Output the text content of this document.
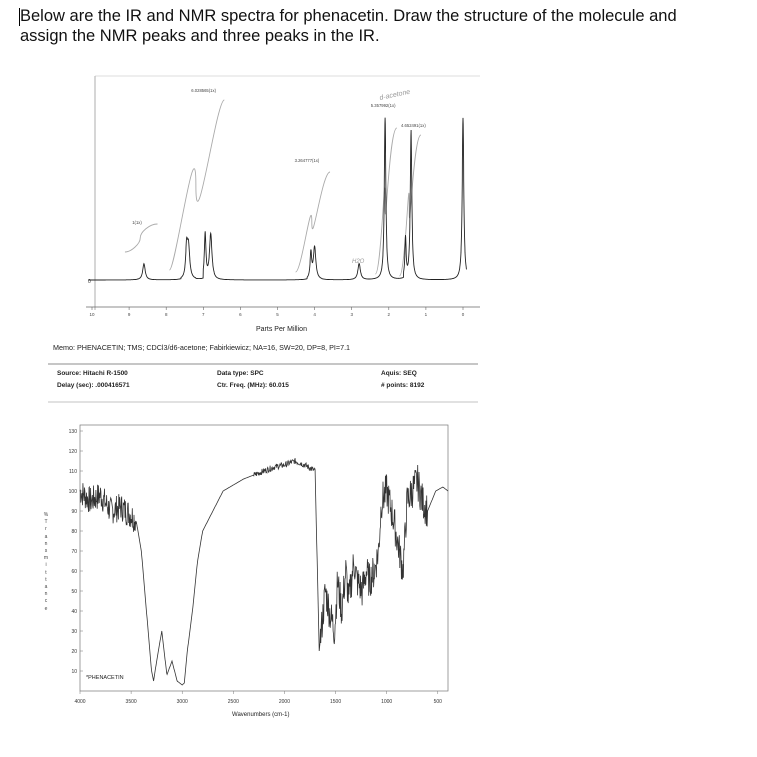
Below are the IR and NMR spectra for phenacetin. Draw the structure of the molecule and
assign the NMR peaks and three peaks in the IR.
10	9	8	7	6	5	4	3	2	1	0
0
1(1x)
6.028565(1x)
3.264777(1x)
5.357992(1x)
4.652491(1x)
d-acetone
H2O
130
120
110
100
90
80
70
60
50
40
30
20
10
4000	3500	3000	2500	2000	1500	1000	500
Parts Per Million
Memo: PHENACETIN; TMS; CDCl3/d6-acetone; Fabirkiewicz; NA=16, SW=20, DP=8, PI=7.1
Source: Hitachi R-1500
Delay (sec): .000416571
Data type: SPC
Ctr. Freq. (MHz): 60.015
Aquis: SEQ
# points: 8192
%
T
r
a
n
s
m
i
t
t
a
n
c
e
*PHENACETIN
Wavenumbers (cm-1)
